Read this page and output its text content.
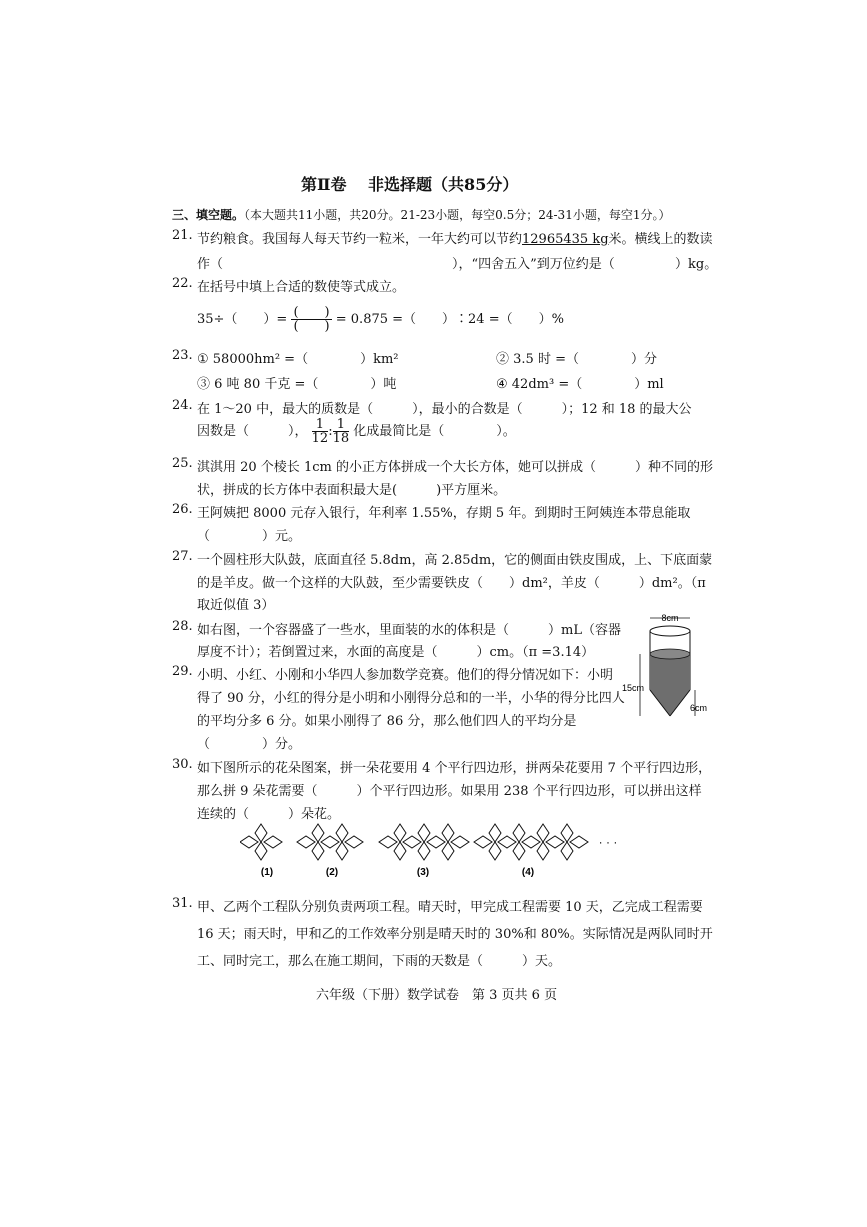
第Ⅱ卷　 非选择题（共85分）
三、填空题。（本大题共11小题，共20分。21-23小题，每空0.5分；24-31小题，每空1分。）
21. 节约粮食。我国每人每天节约一粒米，一年大约可以节约12965435 kg米。横线上的数读
作（	），“四舍五入”到万位约是（	）kg。
22. 在括号中填上合适的数使等式成立。
35÷（　　）= $\frac{( )}{( )} = 0.875$ =（　　）∶24 =（　　）%
23. ① 58000hm² =（　　　　）km²	② 3.5 时 =（　　　　）分
③ 6 吨 80 千克 =（　　　　）吨	④ 42dm³ =（　　　　）ml
24. 在 1～20 中，最大的质数是（　　　），最小的合数是（　　　）；12 和 18 的最大公
因数是（　　　）， $\frac{1}{12}$ : $\frac{1}{18}$ 化成最简比是（　　　　）。
25. 淇淇用 20 个棱长 1cm 的小正方体拼成一个大长方体，她可以拼成（　　　）种不同的形
状，拼成的长方体中表面积最大是(　　　)平方厘米。
26. 王阿姨把 8000 元存入银行，年利率 1.55%，存期 5 年。到期时王阿姨连本带息能取
（　　　　）元。
27. 一个圆柱形大队鼓，底面直径 5.8dm，高 2.85dm，它的侧面由铁皮围成，上、下底面蒙
的是羊皮。做一个这样的大队鼓，至少需要铁皮（　　）dm²，羊皮（　　　）dm²。（π
取近似值 3）
28. 如右图，一个容器盛了一些水，里面装的水的体积是（　　　）mL（容器
厚度不计）；若倒置过来，水面的高度是（　　　）cm。（π =3.14）
8cm
15cm
6cm
29. 小明、小红、小刚和小华四人参加数学竞赛。他们的得分情况如下：小明
得了 90 分，小红的得分是小明和小刚得分总和的一半，小华的得分比四人
的平均分多 6 分。如果小刚得了 86 分，那么他们四人的平均分是
（　　　　）分。
30. 如下图所示的花朵图案，拼一朵花要用 4 个平行四边形，拼两朵花要用 7 个平行四边形，
那么拼 9 朵花需要（　　　）个平行四边形。如果用 238 个平行四边形，可以拼出这样
连续的（　　　）朵花。
(1)	(2)	(3)	(4)
· · ·
31. 甲、乙两个工程队分别负责两项工程。晴天时，甲完成工程需要 10 天，乙完成工程需要
16 天；雨天时，甲和乙的工作效率分别是晴天时的 30%和 80%。实际情况是两队同时开
工、同时完工，那么在施工期间，下雨的天数是（　　　）天。
六年级（下册）数学试卷　第 3 页共 6 页
